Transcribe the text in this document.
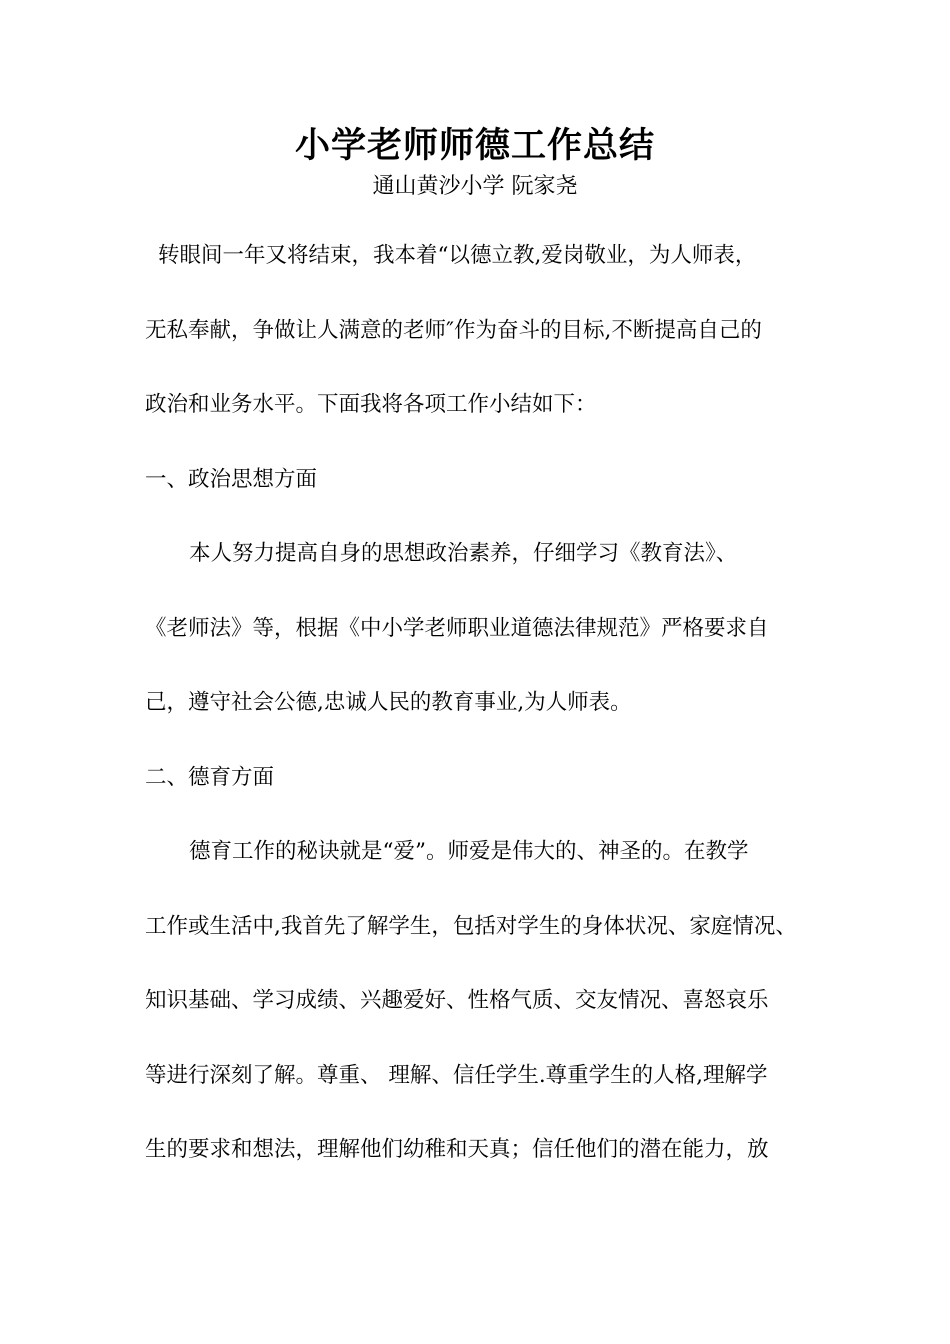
小学老师师德工作总结
通山黄沙小学 阮家尧
转眼间一年又将结束，我本着“以德立教,爱岗敬业，为人师表，
无私奉献，争做让人满意的老师″作为奋斗的目标,不断提高自己的
政治和业务水平。下面我将各项工作小结如下：
一、政治思想方面
本人努力提高自身的思想政治素养，仔细学习《教育法》、
《老师法》等，根据《中小学老师职业道德法律规范》严格要求自
己，遵守社会公德,忠诚人民的教育事业,为人师表。
二、德育方面
德育工作的秘诀就是“爱”。师爱是伟大的、神圣的。在教学
工作或生活中,我首先了解学生，包括对学生的身体状况、家庭情况、
知识基础、学习成绩、兴趣爱好、性格气质、交友情况、喜怒哀乐
等进行深刻了解。尊重、 理解、信任学生.尊重学生的人格,理解学
生的要求和想法，理解他们幼稚和天真；信任他们的潜在能力，放
